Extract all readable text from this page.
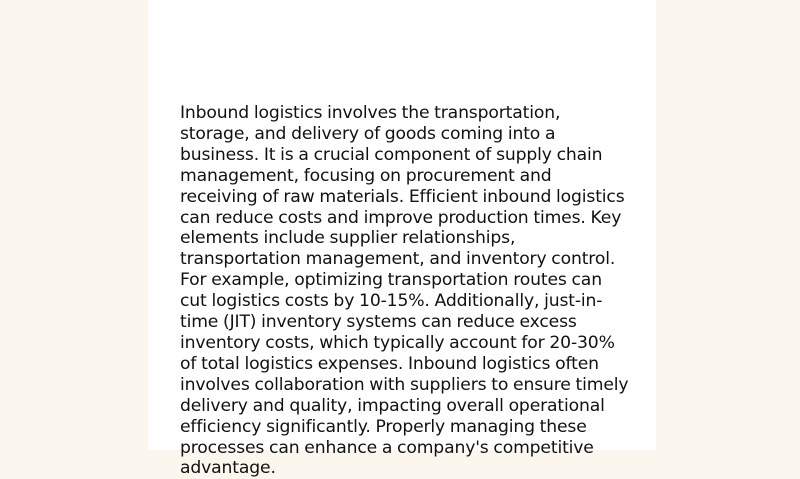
Inbound logistics involves the transportation, storage, and delivery of goods coming into a business. It is a crucial component of supply chain management, focusing on procurement and receiving of raw materials. Efficient inbound logistics can reduce costs and improve production times. Key elements include supplier relationships, transportation management, and inventory control. For example, optimizing transportation routes can cut logistics costs by 10-15%. Additionally, just-in-time (JIT) inventory systems can reduce excess inventory costs, which typically account for 20-30% of total logistics expenses. Inbound logistics often involves collaboration with suppliers to ensure timely delivery and quality, impacting overall operational efficiency significantly. Properly managing these processes can enhance a company's competitive advantage.
